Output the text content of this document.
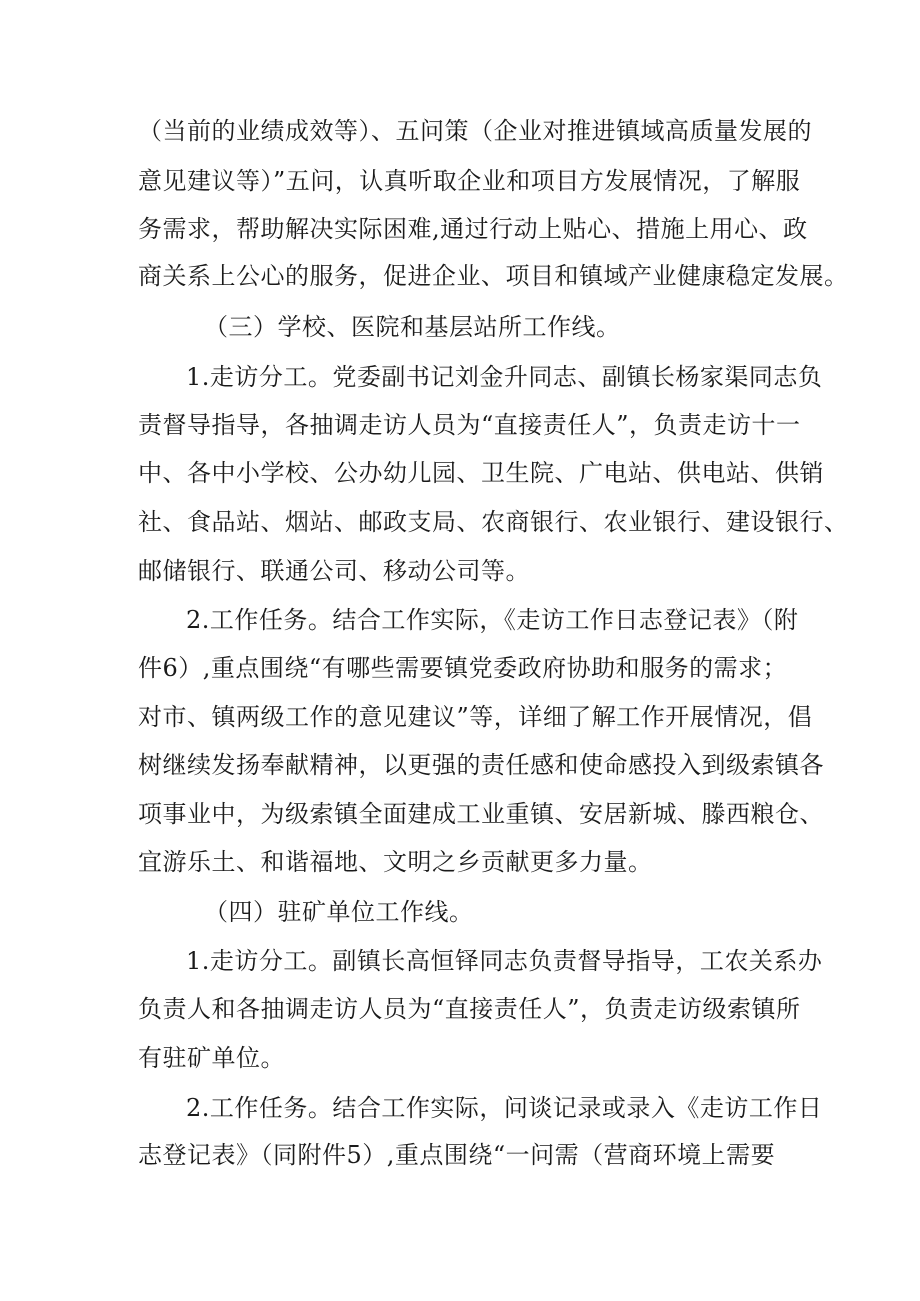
（当前的业绩成效等）、五问策（企业对推进镇域高质量发展的
意见建议等）”五问，认真听取企业和项目方发展情况，了解服
务需求，帮助解决实际困难,通过行动上贴心、措施上用心、政
商关系上公心的服务，促进企业、项目和镇域产业健康稳定发展。
（三）学校、医院和基层站所工作线。
1.走访分工。党委副书记刘金升同志、副镇长杨家渠同志负
责督导指导，各抽调走访人员为“直接责任人”，负责走访十一
中、各中小学校、公办幼儿园、卫生院、广电站、供电站、供销
社、食品站、烟站、邮政支局、农商银行、农业银行、建设银行、
邮储银行、联通公司、移动公司等。
2.工作任务。结合工作实际，《走访工作日志登记表》（附
件6）,重点围绕“有哪些需要镇党委政府协助和服务的需求；
对市、镇两级工作的意见建议”等，详细了解工作开展情况，倡
树继续发扬奉献精神，以更强的责任感和使命感投入到级索镇各
项事业中，为级索镇全面建成工业重镇、安居新城、滕西粮仓、
宜游乐土、和谐福地、文明之乡贡献更多力量。
（四）驻矿单位工作线。
1.走访分工。副镇长高恒铎同志负责督导指导，工农关系办
负责人和各抽调走访人员为“直接责任人”，负责走访级索镇所
有驻矿单位。
2.工作任务。结合工作实际，问谈记录或录入《走访工作日
志登记表》（同附件5）,重点围绕“一问需（营商环境上需要
